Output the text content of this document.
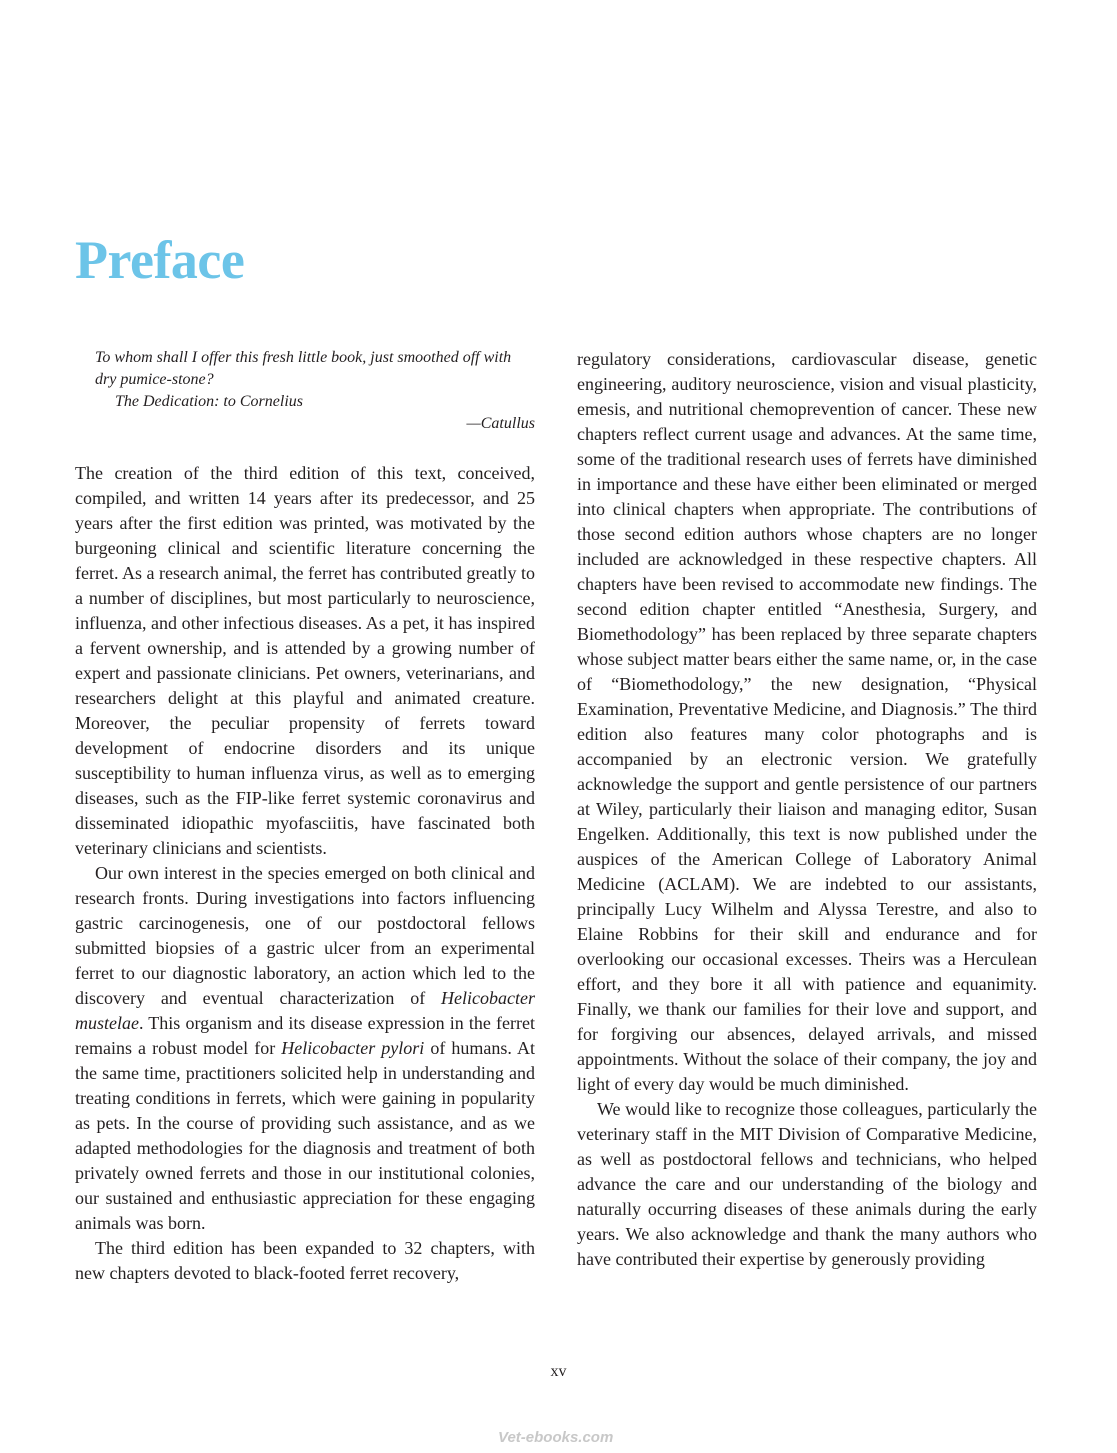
Preface

To whom shall I offer this fresh little book, just smoothed off with dry pumice-stone?

The Dedication: to Cornelius

—Catullus

The creation of the third edition of this text, conceived, compiled, and written 14 years after its predecessor, and 25 years after the first edition was printed, was motivated by the burgeoning clinical and scientific literature concerning the ferret. As a research animal, the ferret has contributed greatly to a number of disciplines, but most particularly to neuroscience, influenza, and other infectious diseases. As a pet, it has inspired a fervent ownership, and is attended by a growing number of expert and passionate clinicians. Pet owners, veterinarians, and researchers delight at this playful and animated creature. Moreover, the peculiar propensity of ferrets toward development of endocrine disorders and its unique susceptibility to human influenza virus, as well as to emerging diseases, such as the FIP-like ferret systemic coronavirus and disseminated idiopathic myofasciitis, have fascinated both veterinary clinicians and scientists.

Our own interest in the species emerged on both clinical and research fronts. During investigations into factors influencing gastric carcinogenesis, one of our postdoctoral fellows submitted biopsies of a gastric ulcer from an experimental ferret to our diagnostic laboratory, an action which led to the discovery and eventual characterization of Helicobacter mustelae. This organism and its disease expression in the ferret remains a robust model for Helicobacter pylori of humans. At the same time, practitioners solicited help in understanding and treating conditions in ferrets, which were gaining in popularity as pets. In the course of providing such assistance, and as we adapted methodologies for the diagnosis and treatment of both privately owned ferrets and those in our institutional colonies, our sustained and enthusiastic appreciation for these engaging animals was born.

The third edition has been expanded to 32 chapters, with new chapters devoted to black-footed ferret recovery,

regulatory considerations, cardiovascular disease, genetic engineering, auditory neuroscience, vision and visual plasticity, emesis, and nutritional chemoprevention of cancer. These new chapters reflect current usage and advances. At the same time, some of the traditional research uses of ferrets have diminished in importance and these have either been eliminated or merged into clinical chapters when appropriate. The contributions of those second edition authors whose chapters are no longer included are acknowledged in these respective chapters. All chapters have been revised to accommodate new findings. The second edition chapter entitled “Anesthesia, Surgery, and Biomethodology” has been replaced by three separate chapters whose subject matter bears either the same name, or, in the case of “Biomethodology,” the new designation, “Physical Examination, Preventative Medicine, and Diagnosis.” The third edition also features many color photographs and is accompanied by an electronic version. We gratefully acknowledge the support and gentle persistence of our partners at Wiley, particularly their liaison and managing editor, Susan Engelken. Additionally, this text is now published under the auspices of the American College of Laboratory Animal Medicine (ACLAM). We are indebted to our assistants, principally Lucy Wilhelm and Alyssa Terestre, and also to Elaine Robbins for their skill and endurance and for overlooking our occasional excesses. Theirs was a Herculean effort, and they bore it all with patience and equanimity. Finally, we thank our families for their love and support, and for forgiving our absences, delayed arrivals, and missed appointments. Without the solace of their company, the joy and light of every day would be much diminished.

We would like to recognize those colleagues, particularly the veterinary staff in the MIT Division of Comparative Medicine, as well as postdoctoral fellows and technicians, who helped advance the care and our understanding of the biology and naturally occurring diseases of these animals during the early years. We also acknowledge and thank the many authors who have contributed their expertise by generously providing

xv
Vet-ebooks.com
